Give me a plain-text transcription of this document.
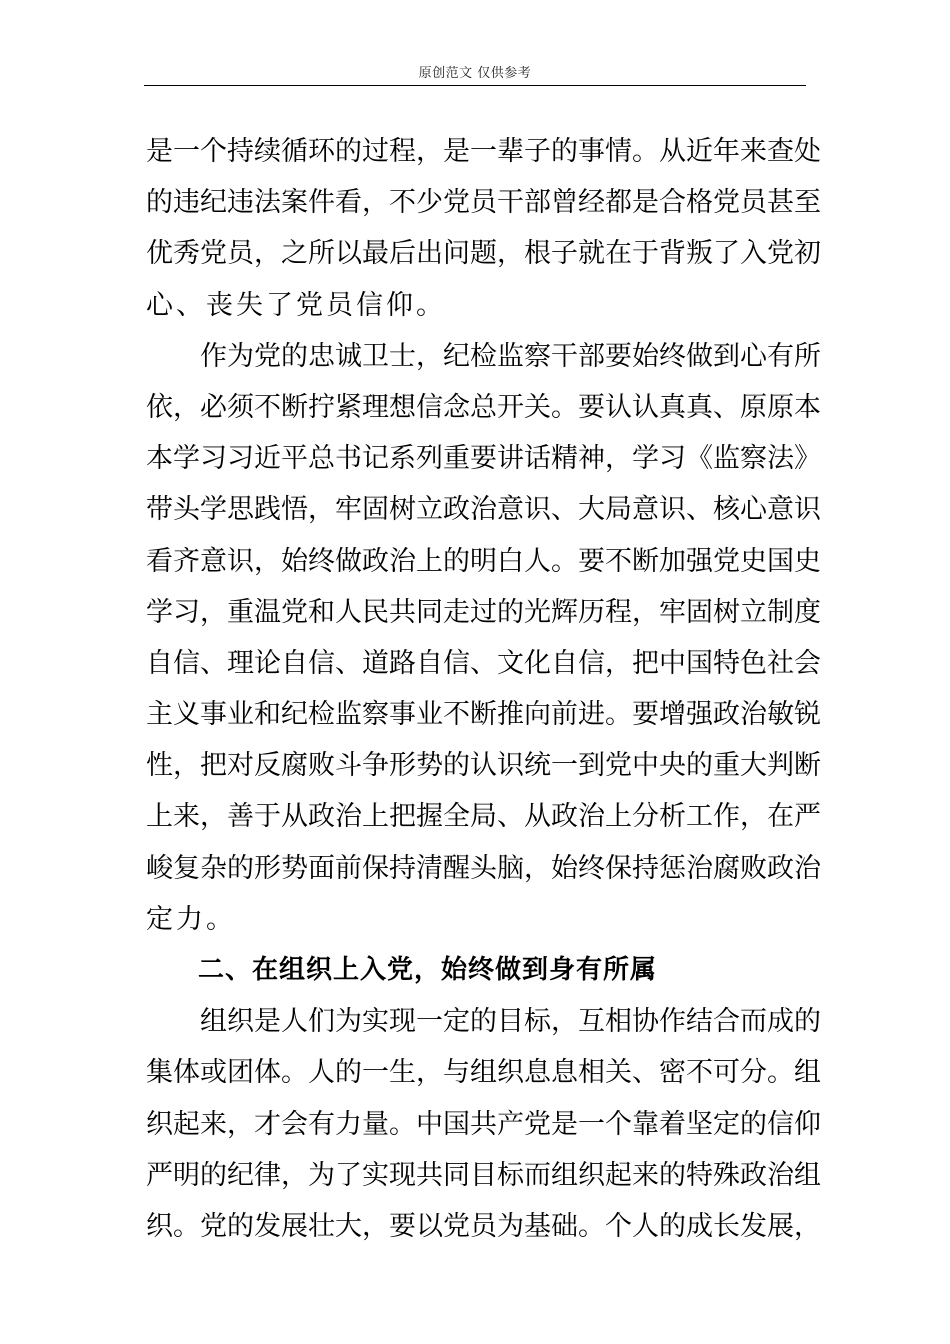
原创范文 仅供参考
是一个持续循环的过程，是一辈子的事情。从近年来查处
的违纪违法案件看，不少党员干部曾经都是合格党员甚至
优秀党员，之所以最后出问题，根子就在于背叛了入党初
心、丧失了党员信仰。
作为党的忠诚卫士，纪检监察干部要始终做到心有所
依，必须不断拧紧理想信念总开关。要认认真真、原原本
本学习习近平总书记系列重要讲话精神，学习《监察法》
带头学思践悟，牢固树立政治意识、大局意识、核心意识
看齐意识，始终做政治上的明白人。要不断加强党史国史
学习，重温党和人民共同走过的光辉历程，牢固树立制度
自信、理论自信、道路自信、文化自信，把中国特色社会
主义事业和纪检监察事业不断推向前进。要增强政治敏锐
性，把对反腐败斗争形势的认识统一到党中央的重大判断
上来，善于从政治上把握全局、从政治上分析工作，在严
峻复杂的形势面前保持清醒头脑，始终保持惩治腐败政治
定力。
二、在组织上入党，始终做到身有所属
组织是人们为实现一定的目标，互相协作结合而成的
集体或团体。人的一生，与组织息息相关、密不可分。组
织起来，才会有力量。中国共产党是一个靠着坚定的信仰
严明的纪律，为了实现共同目标而组织起来的特殊政治组
织。党的发展壮大，要以党员为基础。个人的成长发展，
